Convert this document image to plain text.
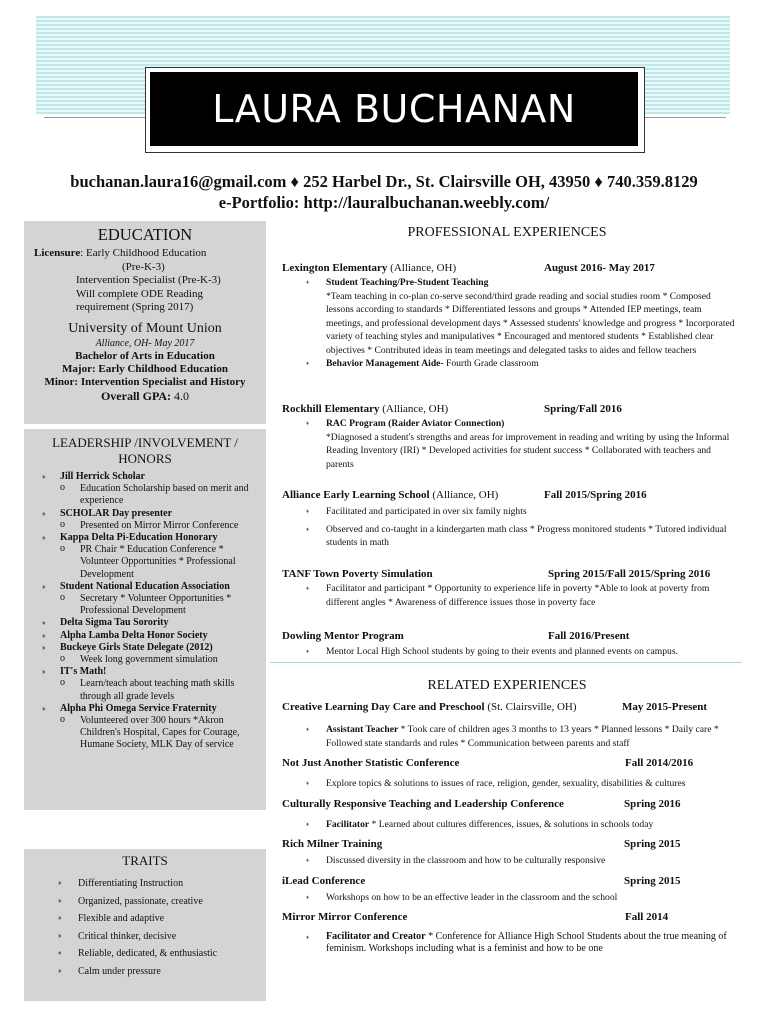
LAURA BUCHANAN
buchanan.laura16@gmail.com ♦ 252 Harbel Dr., St. Clairsville OH, 43950 ♦ 740.359.8129
e-Portfolio: http://lauralbuchanan.weebly.com/
EDUCATION
Licensure: Early Childhood Education
(Pre-K-3)
Intervention Specialist (Pre-K-3)
Will complete ODE Reading
requirement (Spring 2017)
University of Mount Union
Alliance, OH- May 2017
Bachelor of Arts in Education
Major: Early Childhood Education
Minor: Intervention Specialist and History
Overall GPA: 4.0
LEADERSHIP /INVOLVEMENT / HONORS
♦ Jill Herrick Scholar
o Education Scholarship based on merit and experience
♦ SCHOLAR Day presenter
o Presented on Mirror Mirror Conference
♦ Kappa Delta Pi-Education Honorary
o PR Chair * Education Conference * Volunteer Opportunities * Professional Development
♦ Student National Education Association
o Secretary * Volunteer Opportunities * Professional Development
♦ Delta Sigma Tau Sorority
♦ Alpha Lamba Delta Honor Society
♦ Buckeye Girls State Delegate (2012)
o Week long government simulation
♦ IT's Math!
o Learn/teach about teaching math skills through all grade levels
♦ Alpha Phi Omega Service Fraternity
o Volunteered over 300 hours *Akron Children's Hospital, Capes for Courage, Humane Society, MLK Day of service
TRAITS
♦ Differentiating Instruction
♦ Organized, passionate, creative
♦ Flexible and adaptive
♦ Critical thinker, decisive
♦ Reliable, dedicated, & enthusiastic
♦ Calm under pressure
PROFESSIONAL EXPERIENCES
Lexington Elementary (Alliance, OH)	August 2016- May 2017
♦ Student Teaching/Pre-Student Teaching
*Team teaching in co-plan co-serve second/third grade reading and social studies room * Composed lessons according to standards * Differentiated lessons and groups * Attended IEP meetings, team meetings, and professional development days * Assessed students' knowledge and progress * Incorporated variety of teaching styles and manipulatives * Encouraged and mentored students * Established clear objectives * Contributed ideas in team meetings and delegated tasks to aides and fellow teachers
♦ Behavior Management Aide- Fourth Grade classroom
Rockhill Elementary (Alliance, OH)	Spring/Fall 2016
♦ RAC Program (Raider Aviator Connection)
*Diagnosed a student's strengths and areas for improvement in reading and writing by using the Informal Reading Inventory (IRI) * Developed activities for student success * Collaborated with teachers and parents
Alliance Early Learning School (Alliance, OH)	Fall 2015/Spring 2016
♦ Facilitated and participated in over six family nights
♦ Observed and co-taught in a kindergarten math class * Progress monitored students * Tutored individual students in math
TANF Town Poverty Simulation	Spring 2015/Fall 2015/Spring 2016
♦ Facilitator and participant * Opportunity to experience life in poverty *Able to look at poverty from different angles * Awareness of difference issues those in poverty face
Dowling Mentor Program	Fall 2016/Present
♦ Mentor Local High School students by going to their events and planned events on campus.
RELATED EXPERIENCES
Creative Learning Day Care and Preschool (St. Clairsville, OH)	May 2015-Present
♦ Assistant Teacher * Took care of children ages 3 months to 13 years * Planned lessons * Daily care * Followed state standards and rules * Communication between parents and staff
Not Just Another Statistic Conference	Fall 2014/2016
♦ Explore topics & solutions to issues of race, religion, gender, sexuality, disabilities & cultures
Culturally Responsive Teaching and Leadership Conference	Spring 2016
♦ Facilitator * Learned about cultures differences, issues, & solutions in schools today
Rich Milner Training	Spring 2015
♦ Discussed diversity in the classroom and how to be culturally responsive
iLead Conference	Spring 2015
♦ Workshops on how to be an effective leader in the classroom and the school
Mirror Mirror Conference	Fall 2014
♦ Facilitator and Creator * Conference for Alliance High School Students about the true meaning of feminism. Workshops including what is a feminist and how to be one
